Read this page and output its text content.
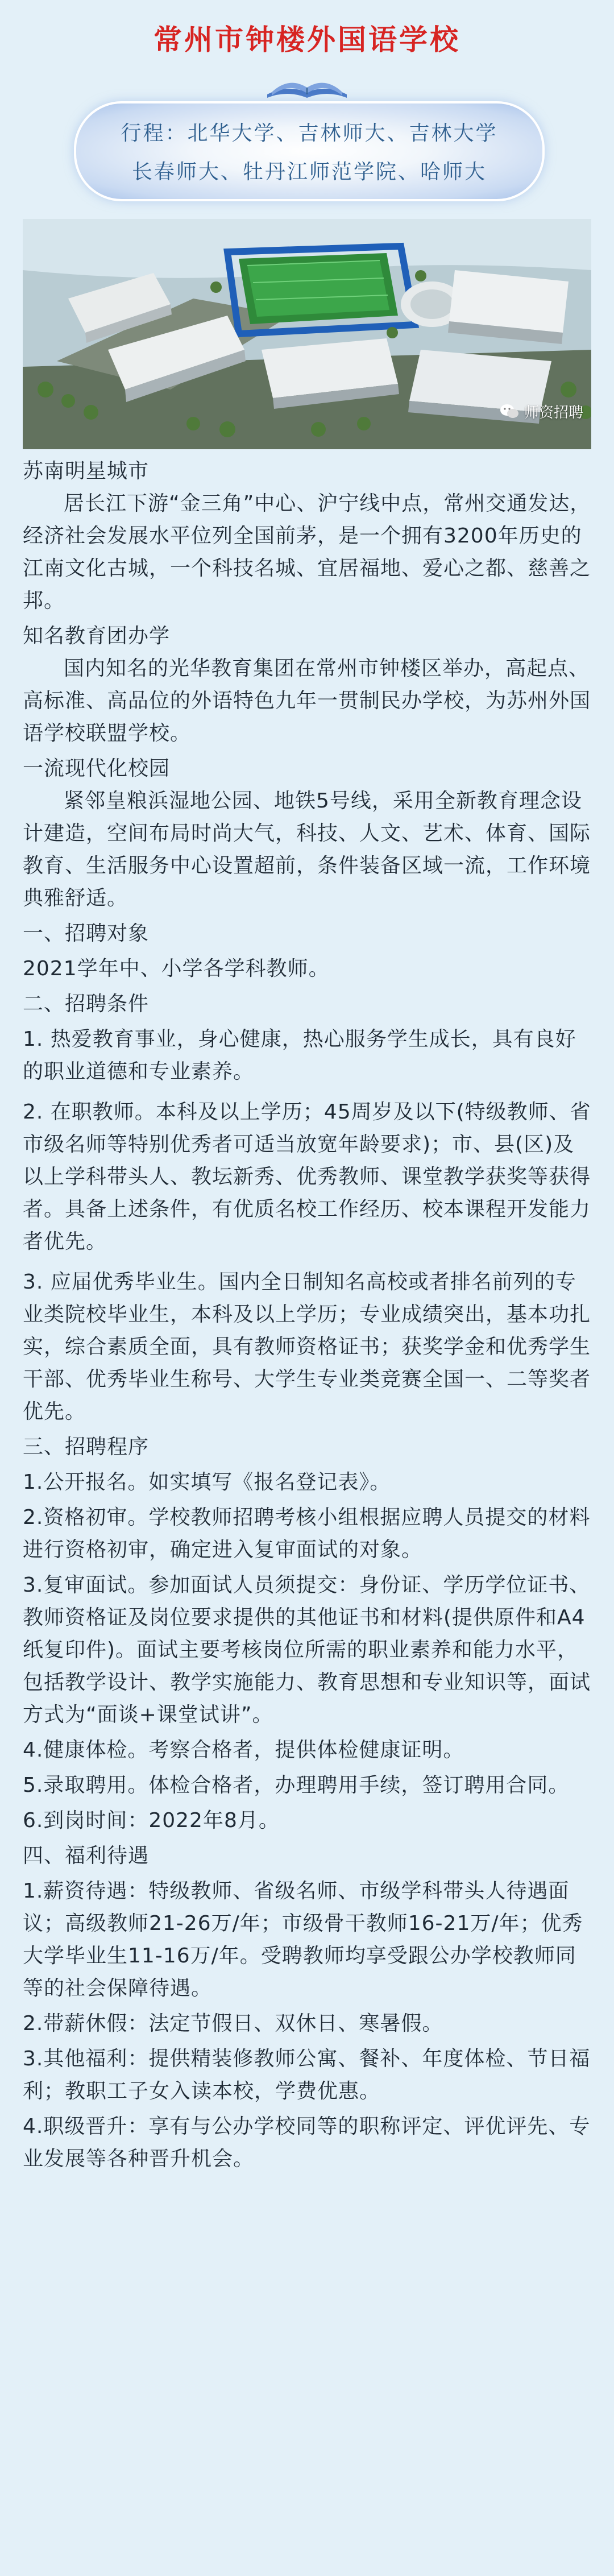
常州市钟楼外国语学校
行程：北华大学、吉林师大、吉林大学
长春师大、牡丹江师范学院、哈师大
师资招聘

苏南明星城市

居长江下游“金三角”中心、沪宁线中点，常州交通发达，经济社会发展水平位列全国前茅，是一个拥有3200年历史的江南文化古城，一个科技名城、宜居福地、爱心之都、慈善之邦。

知名教育团办学

国内知名的光华教育集团在常州市钟楼区举办，高起点、高标准、高品位的外语特色九年一贯制民办学校，为苏州外国语学校联盟学校。

一流现代化校园

紧邻皇粮浜湿地公园、地铁5号线，采用全新教育理念设计建造，空间布局时尚大气，科技、人文、艺术、体育、国际教育、生活服务中心设置超前，条件装备区域一流，工作环境典雅舒适。

一、招聘对象

2021学年中、小学各学科教师。

二、招聘条件

1. 热爱教育事业，身心健康，热心服务学生成长，具有良好的职业道德和专业素养。

2. 在职教师。本科及以上学历；45周岁及以下(特级教师、省市级名师等特别优秀者可适当放宽年龄要求)；市、县(区)及以上学科带头人、教坛新秀、优秀教师、课堂教学获奖等获得者。具备上述条件，有优质名校工作经历、校本课程开发能力者优先。

3. 应届优秀毕业生。国内全日制知名高校或者排名前列的专业类院校毕业生，本科及以上学历；专业成绩突出，基本功扎实，综合素质全面，具有教师资格证书；获奖学金和优秀学生干部、优秀毕业生称号、大学生专业类竞赛全国一、二等奖者优先。

三、招聘程序

1.公开报名。如实填写《报名登记表》。

2.资格初审。学校教师招聘考核小组根据应聘人员提交的材料进行资格初审，确定进入复审面试的对象。

3.复审面试。参加面试人员须提交：身份证、学历学位证书、教师资格证及岗位要求提供的其他证书和材料(提供原件和A4纸复印件)。面试主要考核岗位所需的职业素养和能力水平，包括教学设计、教学实施能力、教育思想和专业知识等，面试方式为“面谈+课堂试讲”。

4.健康体检。考察合格者，提供体检健康证明。

5.录取聘用。体检合格者，办理聘用手续，签订聘用合同。

6.到岗时间：2022年8月。

四、福利待遇

1.薪资待遇：特级教师、省级名师、市级学科带头人待遇面议；高级教师21-26万/年；市级骨干教师16-21万/年；优秀大学毕业生11-16万/年。受聘教师均享受跟公办学校教师同等的社会保障待遇。

2.带薪休假：法定节假日、双休日、寒暑假。

3.其他福利：提供精装修教师公寓、餐补、年度体检、节日福利；教职工子女入读本校，学费优惠。

4.职级晋升：享有与公办学校同等的职称评定、评优评先、专业发展等各种晋升机会。
